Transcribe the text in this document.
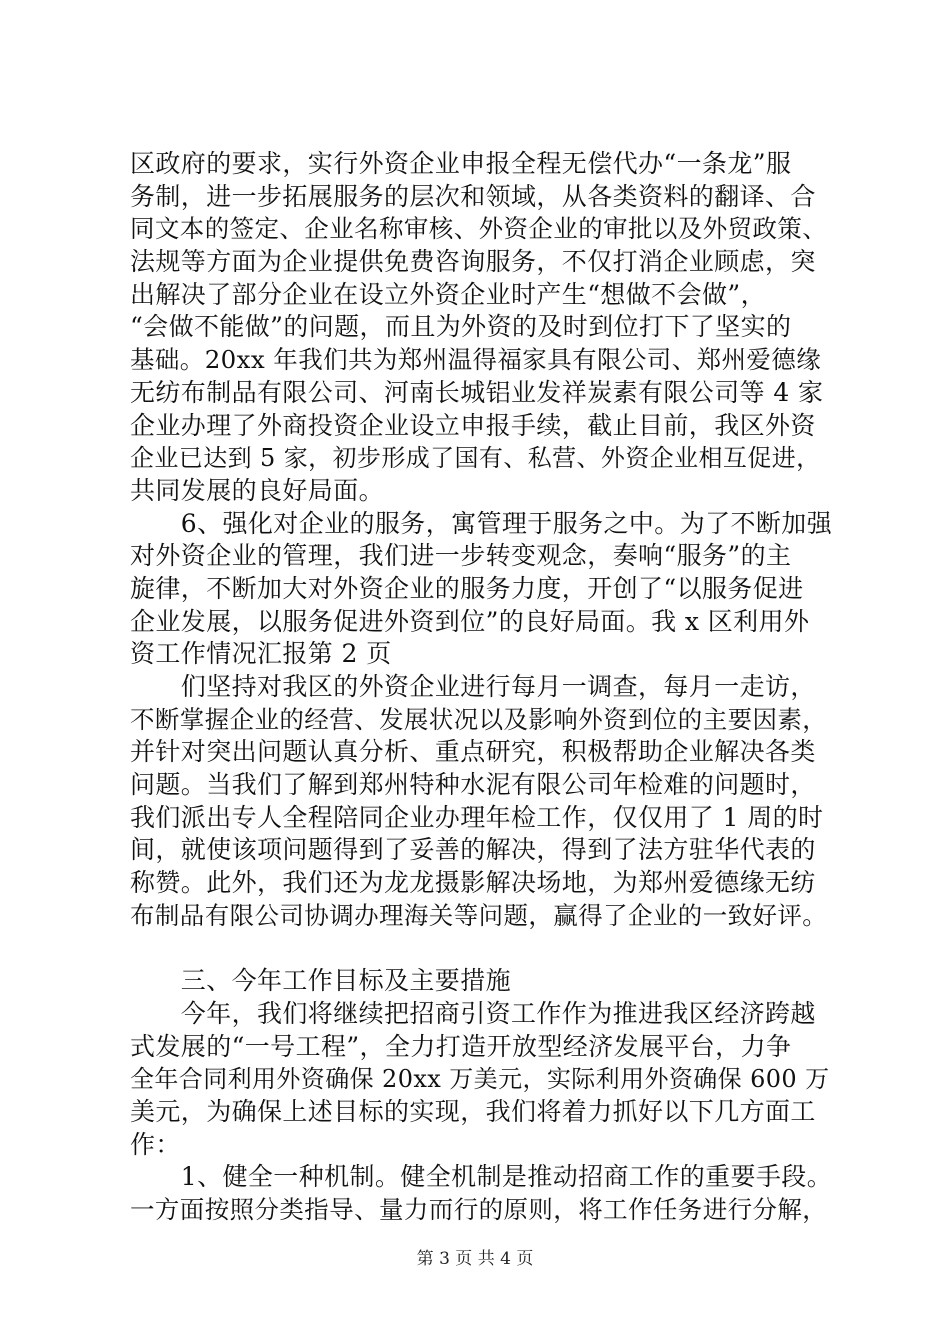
区政府的要求，实行外资企业申报全程无偿代办“一条龙”服
务制，进一步拓展服务的层次和领域，从各类资料的翻译、合
同文本的签定、企业名称审核、外资企业的审批以及外贸政策、
法规等方面为企业提供免费咨询服务，不仅打消企业顾虑，突
出解决了部分企业在设立外资企业时产生“想做不会做”，
“会做不能做”的问题，而且为外资的及时到位打下了坚实的
基础。20xx 年我们共为郑州温得福家具有限公司、郑州爱德缘
无纺布制品有限公司、河南长城铝业发祥炭素有限公司等 4 家
企业办理了外商投资企业设立申报手续，截止目前，我区外资
企业已达到 5 家，初步形成了国有、私营、外资企业相互促进，
共同发展的良好局面。
　　6、强化对企业的服务，寓管理于服务之中。为了不断加强
对外资企业的管理，我们进一步转变观念，奏响“服务”的主
旋律，不断加大对外资企业的服务力度，开创了“以服务促进
企业发展，以服务促进外资到位”的良好局面。我 x 区利用外
资工作情况汇报第 2 页
　　们坚持对我区的外资企业进行每月一调查，每月一走访，
不断掌握企业的经营、发展状况以及影响外资到位的主要因素，
并针对突出问题认真分析、重点研究，积极帮助企业解决各类
问题。当我们了解到郑州特种水泥有限公司年检难的问题时，
我们派出专人全程陪同企业办理年检工作，仅仅用了 1 周的时
间，就使该项问题得到了妥善的解决，得到了法方驻华代表的
称赞。此外，我们还为龙龙摄影解决场地，为郑州爱德缘无纺
布制品有限公司协调办理海关等问题，赢得了企业的一致好评。
　　三、今年工作目标及主要措施
　　今年，我们将继续把招商引资工作作为推进我区经济跨越
式发展的“一号工程”，全力打造开放型经济发展平台，力争
全年合同利用外资确保 20xx 万美元，实际利用外资确保 600 万
美元，为确保上述目标的实现，我们将着力抓好以下几方面工
作：
　　1、健全一种机制。健全机制是推动招商工作的重要手段。
一方面按照分类指导、量力而行的原则，将工作任务进行分解，
第 3 页 共 4 页
